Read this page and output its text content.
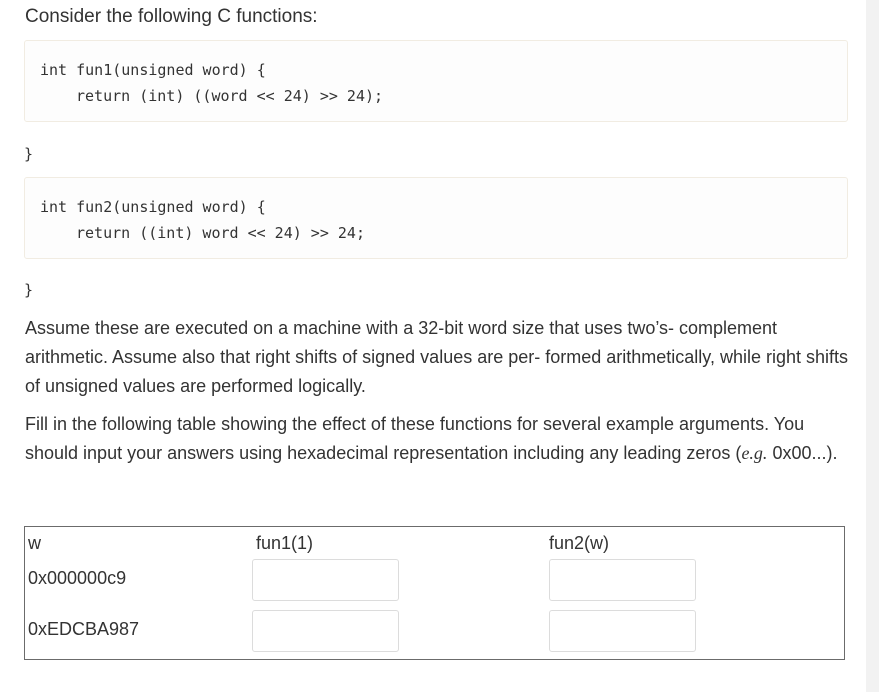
Consider the following C functions:
int fun1(unsigned word) {
return (int) ((word << 24) >> 24);
}
int fun2(unsigned word) {
return ((int) word << 24) >> 24;
}
Assume these are executed on a machine with a 32-bit word size that uses two’s- complement arithmetic. Assume also that right shifts of signed values are per- formed arithmetically, while right shifts of unsigned values are performed logically.
Fill in the following table showing the effect of these functions for several example arguments. You should input your answers using hexadecimal representation including any leading zeros (e.g. 0x00...).
w	fun1(1)	fun2(w)
0x000000c9
0xEDCBA987
